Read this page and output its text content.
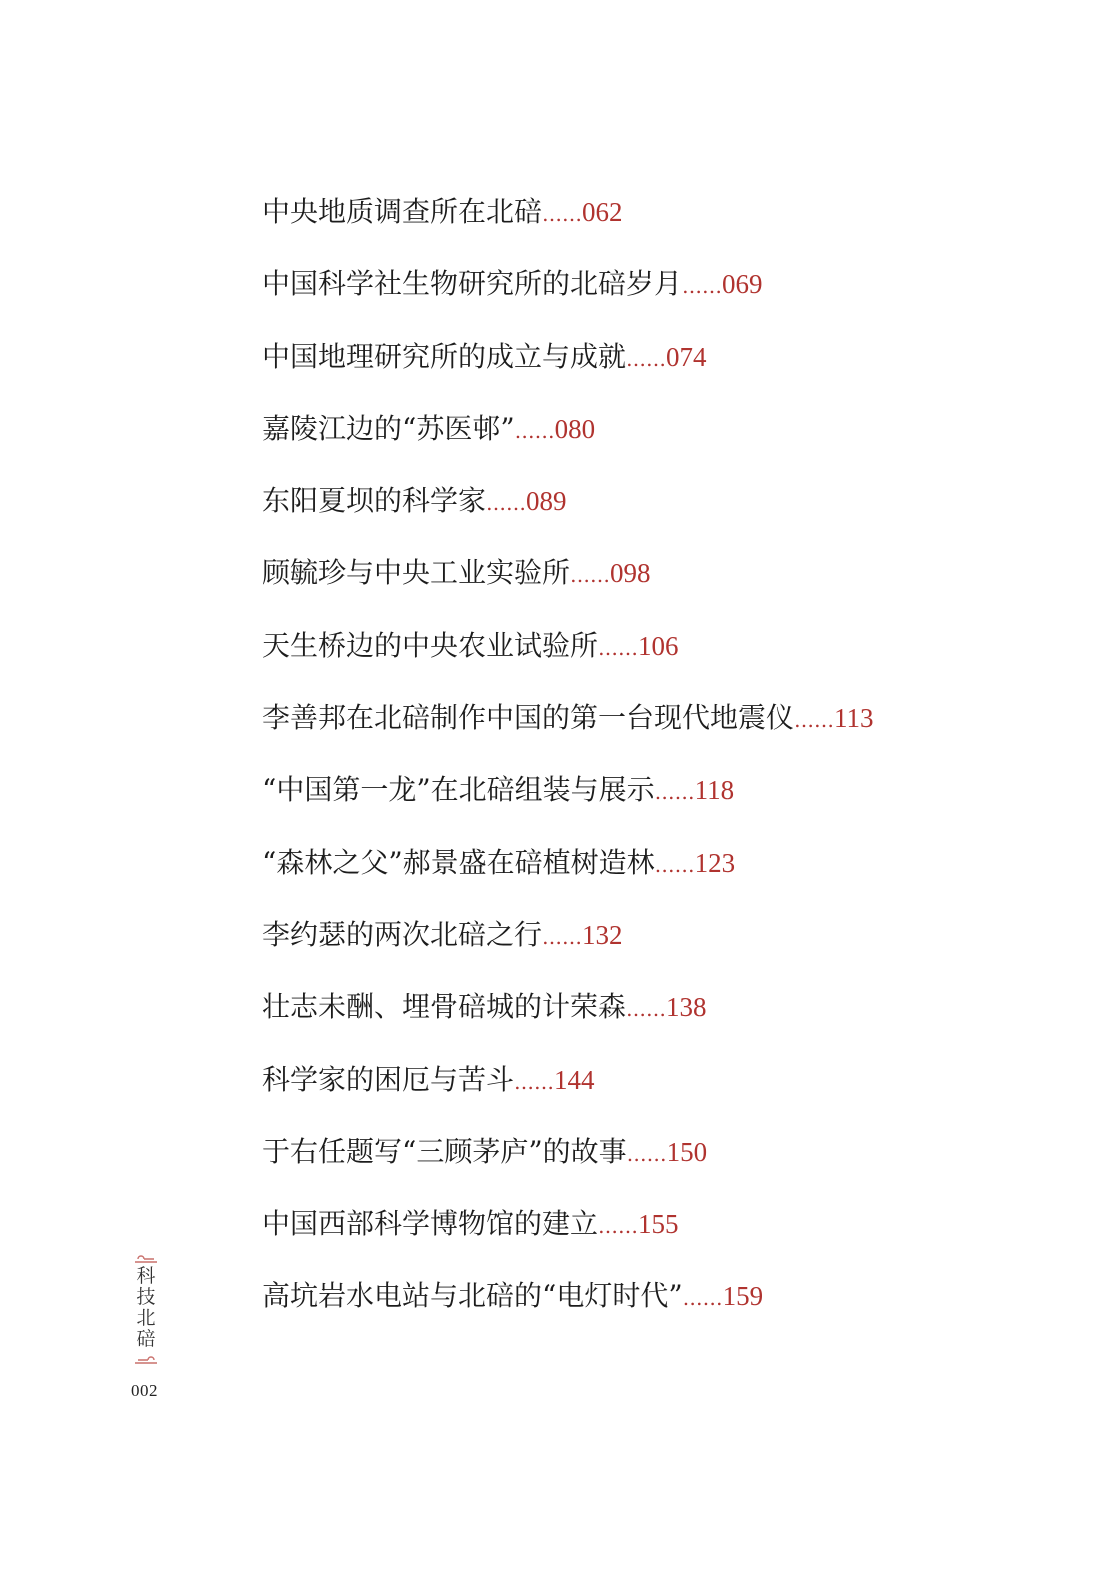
中央地质调查所在北碚……062
中国科学社生物研究所的北碚岁月……069
中国地理研究所的成立与成就……074
嘉陵江边的“苏医邨”……080
东阳夏坝的科学家……089
顾毓珍与中央工业实验所……098
天生桥边的中央农业试验所……106
李善邦在北碚制作中国的第一台现代地震仪……113
“中国第一龙”在北碚组装与展示……118
“森林之父”郝景盛在碚植树造林……123
李约瑟的两次北碚之行……132
壮志未酬、埋骨碚城的计荣森……138
科学家的困厄与苦斗……144
于右任题写“三顾茅庐”的故事……150
中国西部科学博物馆的建立……155
高坑岩水电站与北碚的“电灯时代”……159
科技北碚
002
